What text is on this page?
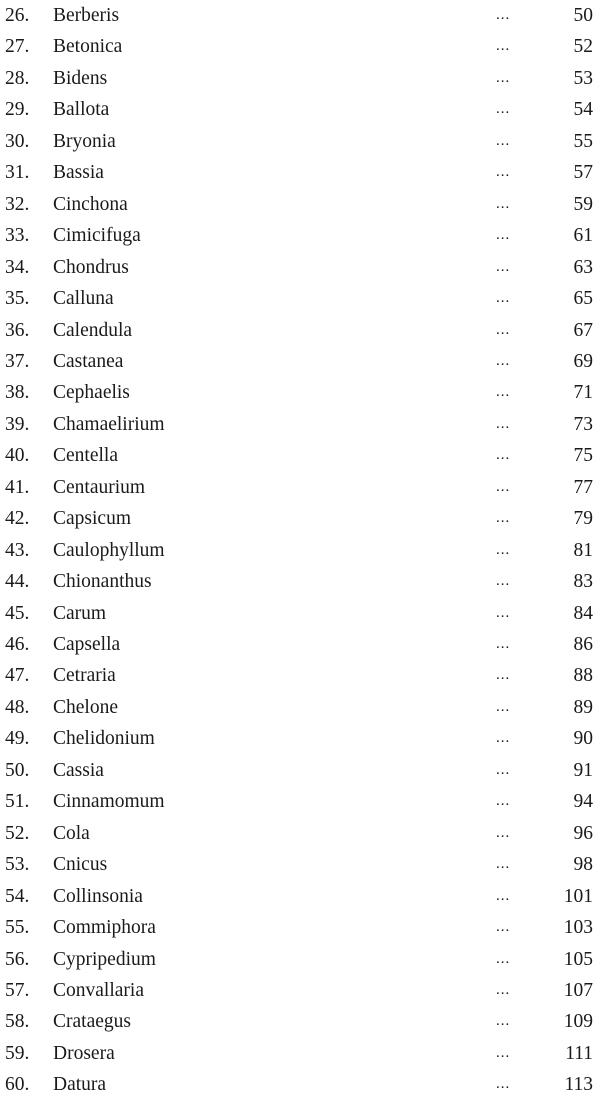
26.	Berberis	...	50
27.	Betonica	...	52
28.	Bidens	...	53
29.	Ballota	...	54
30.	Bryonia	...	55
31.	Bassia	...	57
32.	Cinchona	...	59
33.	Cimicifuga	...	61
34.	Chondrus	...	63
35.	Calluna	...	65
36.	Calendula	...	67
37.	Castanea	...	69
38.	Cephaelis	...	71
39.	Chamaelirium	...	73
40.	Centella	...	75
41.	Centaurium	...	77
42.	Capsicum	...	79
43.	Caulophyllum	...	81
44.	Chionanthus	...	83
45.	Carum	...	84
46.	Capsella	...	86
47.	Cetraria	...	88
48.	Chelone	...	89
49.	Chelidonium	...	90
50.	Cassia	...	91
51.	Cinnamomum	...	94
52.	Cola	...	96
53.	Cnicus	...	98
54.	Collinsonia	...	101
55.	Commiphora	...	103
56.	Cypripedium	...	105
57.	Convallaria	...	107
58.	Crataegus	...	109
59.	Drosera	...	111
60.	Datura	...	113
